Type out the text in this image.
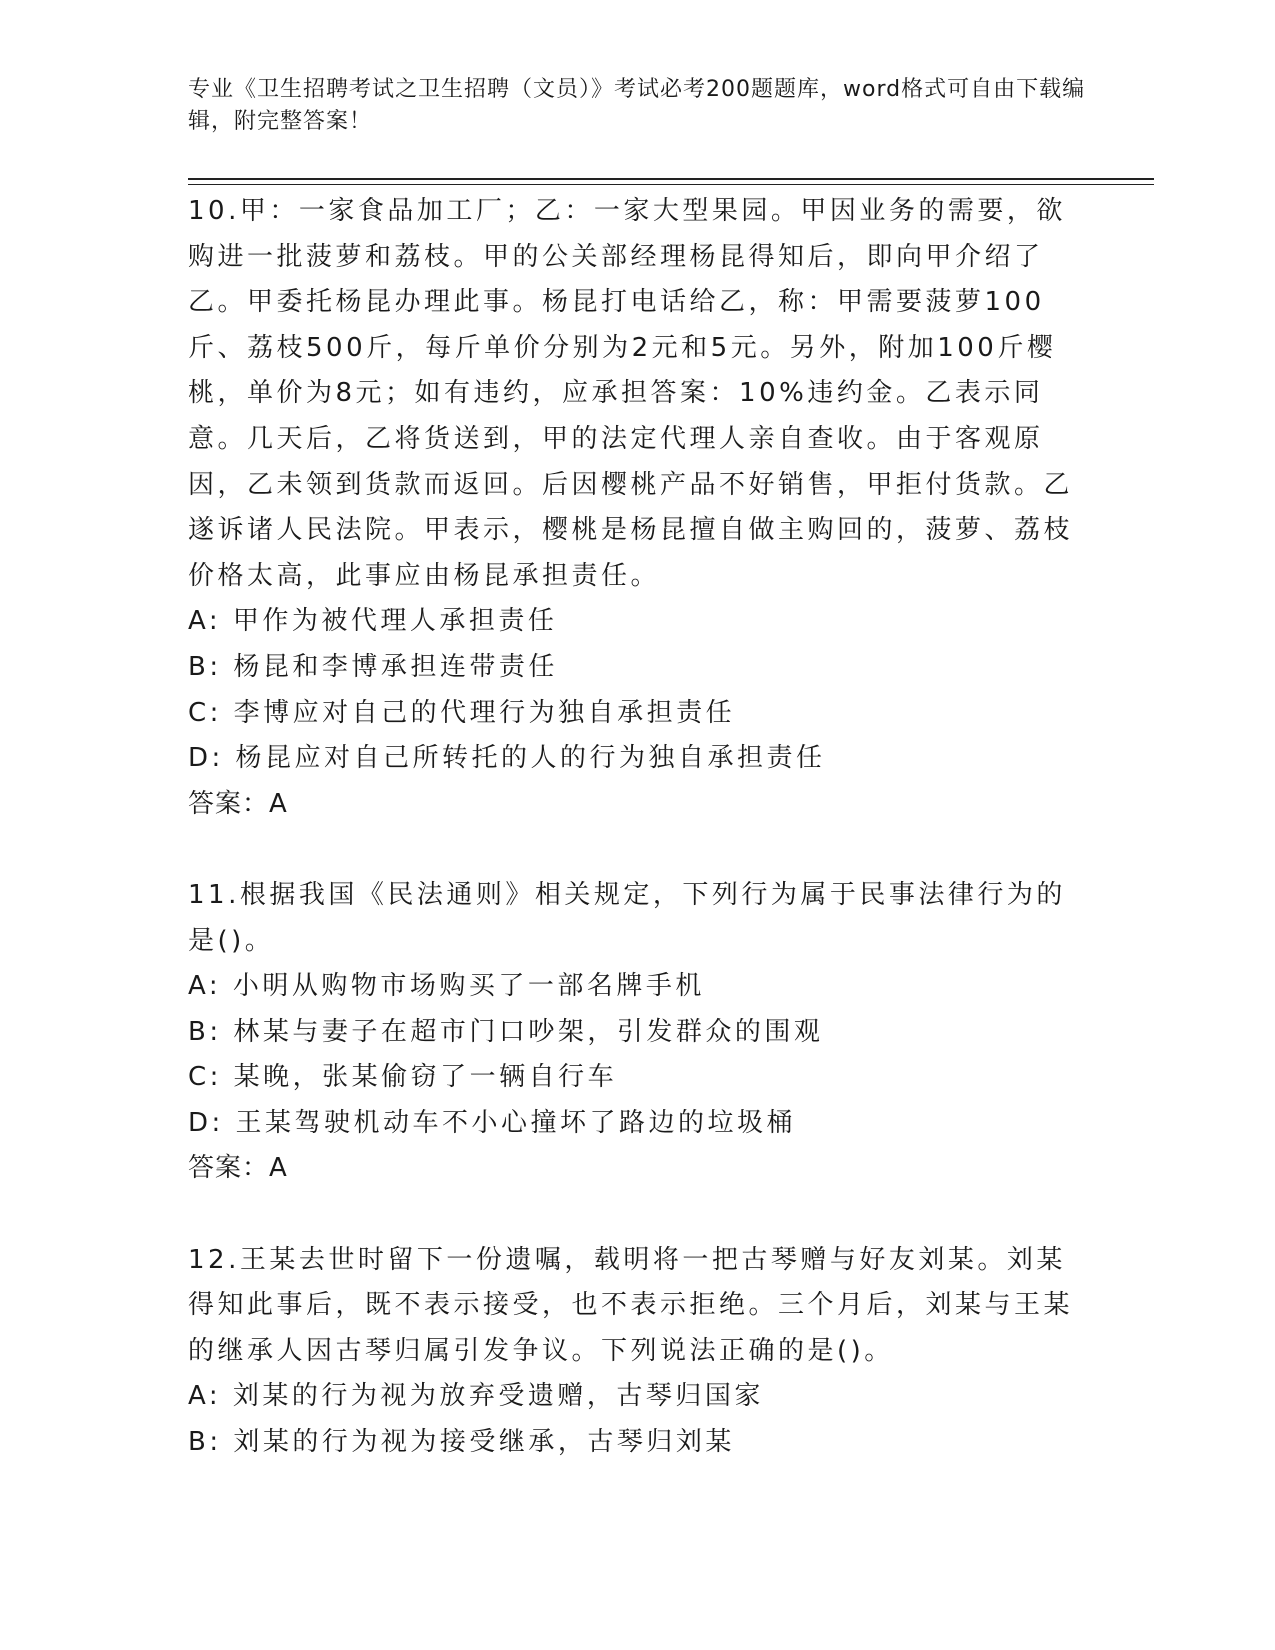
专业《卫生招聘考试之卫生招聘（文员）》考试必考200题题库，word格式可自由下载编辑，附完整答案！

10.甲：一家食品加工厂；乙：一家大型果园。甲因业务的需要，欲购进一批菠萝和荔枝。甲的公关部经理杨昆得知后，即向甲介绍了乙。甲委托杨昆办理此事。杨昆打电话给乙，称：甲需要菠萝100斤、荔枝500斤，每斤单价分别为2元和5元。另外，附加100斤樱桃，单价为8元；如有违约，应承担答案：10%违约金。乙表示同意。几天后，乙将货送到，甲的法定代理人亲自查收。由于客观原因，乙未领到货款而返回。后因樱桃产品不好销售，甲拒付货款。乙遂诉诸人民法院。甲表示，樱桃是杨昆擅自做主购回的，菠萝、荔枝价格太高，此事应由杨昆承担责任。

A: 甲作为被代理人承担责任

B: 杨昆和李博承担连带责任

C: 李博应对自己的代理行为独自承担责任

D: 杨昆应对自己所转托的人的行为独自承担责任

答案：A

11.根据我国《民法通则》相关规定，下列行为属于民事法律行为的是()。

A: 小明从购物市场购买了一部名牌手机

B: 林某与妻子在超市门口吵架，引发群众的围观

C: 某晚，张某偷窃了一辆自行车

D: 王某驾驶机动车不小心撞坏了路边的垃圾桶

答案：A

12.王某去世时留下一份遗嘱，载明将一把古琴赠与好友刘某。刘某得知此事后，既不表示接受，也不表示拒绝。三个月后，刘某与王某的继承人因古琴归属引发争议。下列说法正确的是()。

A: 刘某的行为视为放弃受遗赠，古琴归国家

B: 刘某的行为视为接受继承，古琴归刘某
